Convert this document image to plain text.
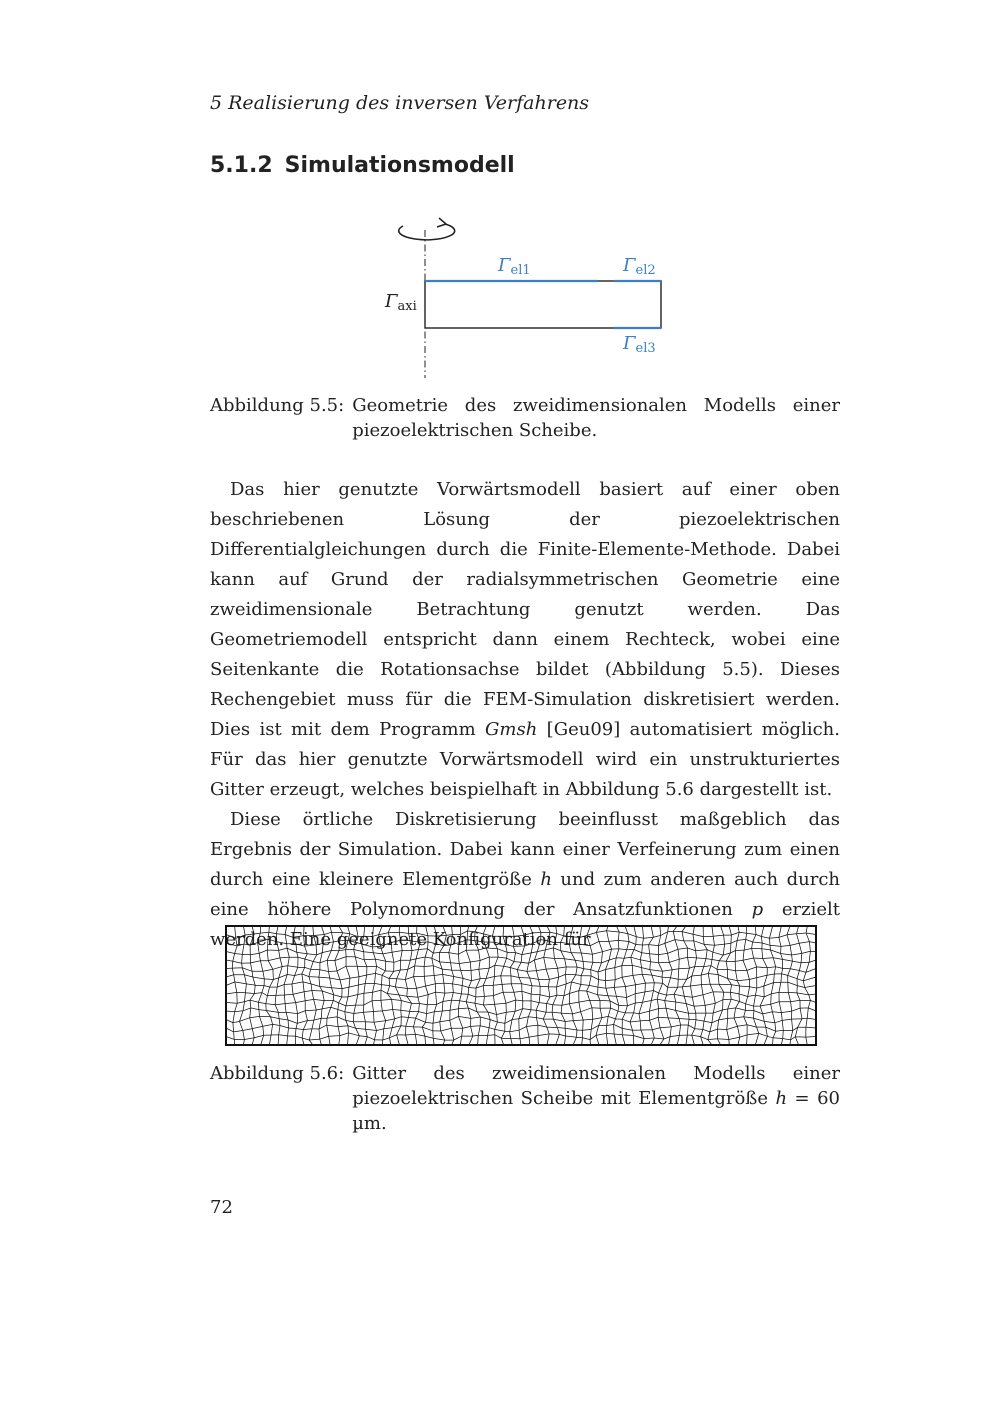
5 Realisierung des inversen Verfahrens
5.1.2 Simulationsmodell
Γel1	Γel2
Γel3
Γaxi
Abbildung 5.5: Geometrie des zweidimensionalen Modells einer piezoelektrischen Scheibe.

Das hier genutzte Vorwärtsmodell basiert auf einer oben beschriebenen Lösung der piezoelektrischen Differentialgleichungen durch die Finite-Elemente-Methode. Dabei kann auf Grund der radialsymmetrischen Geometrie eine zweidimensionale Betrachtung genutzt werden. Das Geometriemodell entspricht dann einem Rechteck, wobei eine Seitenkante die Rotationsachse bildet (Abbildung 5.5). Dieses Rechengebiet muss für die FEM-Simulation diskretisiert werden. Dies ist mit dem Programm Gmsh [Geu09] automatisiert möglich. Für das hier genutzte Vorwärtsmodell wird ein unstrukturiertes Gitter erzeugt, welches beispielhaft in Abbildung 5.6 dargestellt ist.

Diese örtliche Diskretisierung beeinflusst maßgeblich das Ergebnis der Simulation. Dabei kann einer Verfeinerung zum einen durch eine kleinere Elementgröße h und zum anderen auch durch eine höhere Polynomordnung der Ansatzfunktionen p erzielt werden. Eine geeignete Konfiguration für

Abbildung 5.6: Gitter des zweidimensionalen Modells einer piezoelektrischen Scheibe mit Elementgröße h = 60 µm.
72
